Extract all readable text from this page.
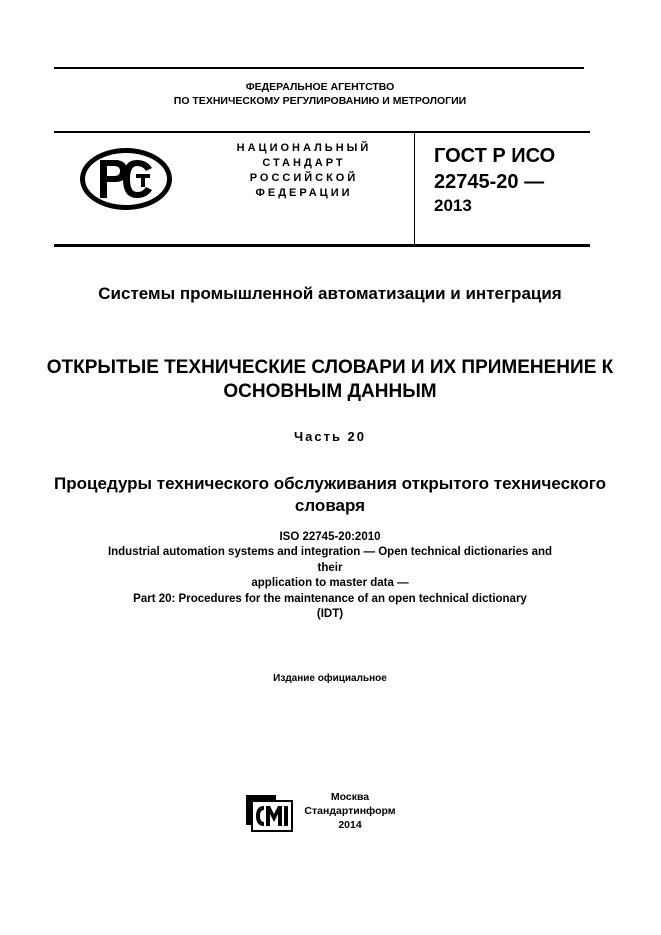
ФЕДЕРАЛЬНОЕ АГЕНТСТВО
ПО ТЕХНИЧЕСКОМУ РЕГУЛИРОВАНИЮ И МЕТРОЛОГИИ
НАЦИОНАЛЬНЫЙ
СТАНДАРТ
РОССИЙСКОЙ
ФЕДЕРАЦИИ
ГОСТ Р ИСО
22745-20 —
2013
Системы промышленной автоматизации и интеграция
ОТКРЫТЫЕ ТЕХНИЧЕСКИЕ СЛОВАРИ И ИХ ПРИМЕНЕНИЕ К ОСНОВНЫМ ДАННЫМ
Часть 20
Процедуры технического обслуживания открытого технического словаря
ISO 22745-20:2010
Industrial automation systems and integration — Open technical dictionaries and
their
application to master data —
Part 20: Procedures for the maintenance of an open technical dictionary
(IDT)
Издание официальное
Москва
Стандартинформ
2014
